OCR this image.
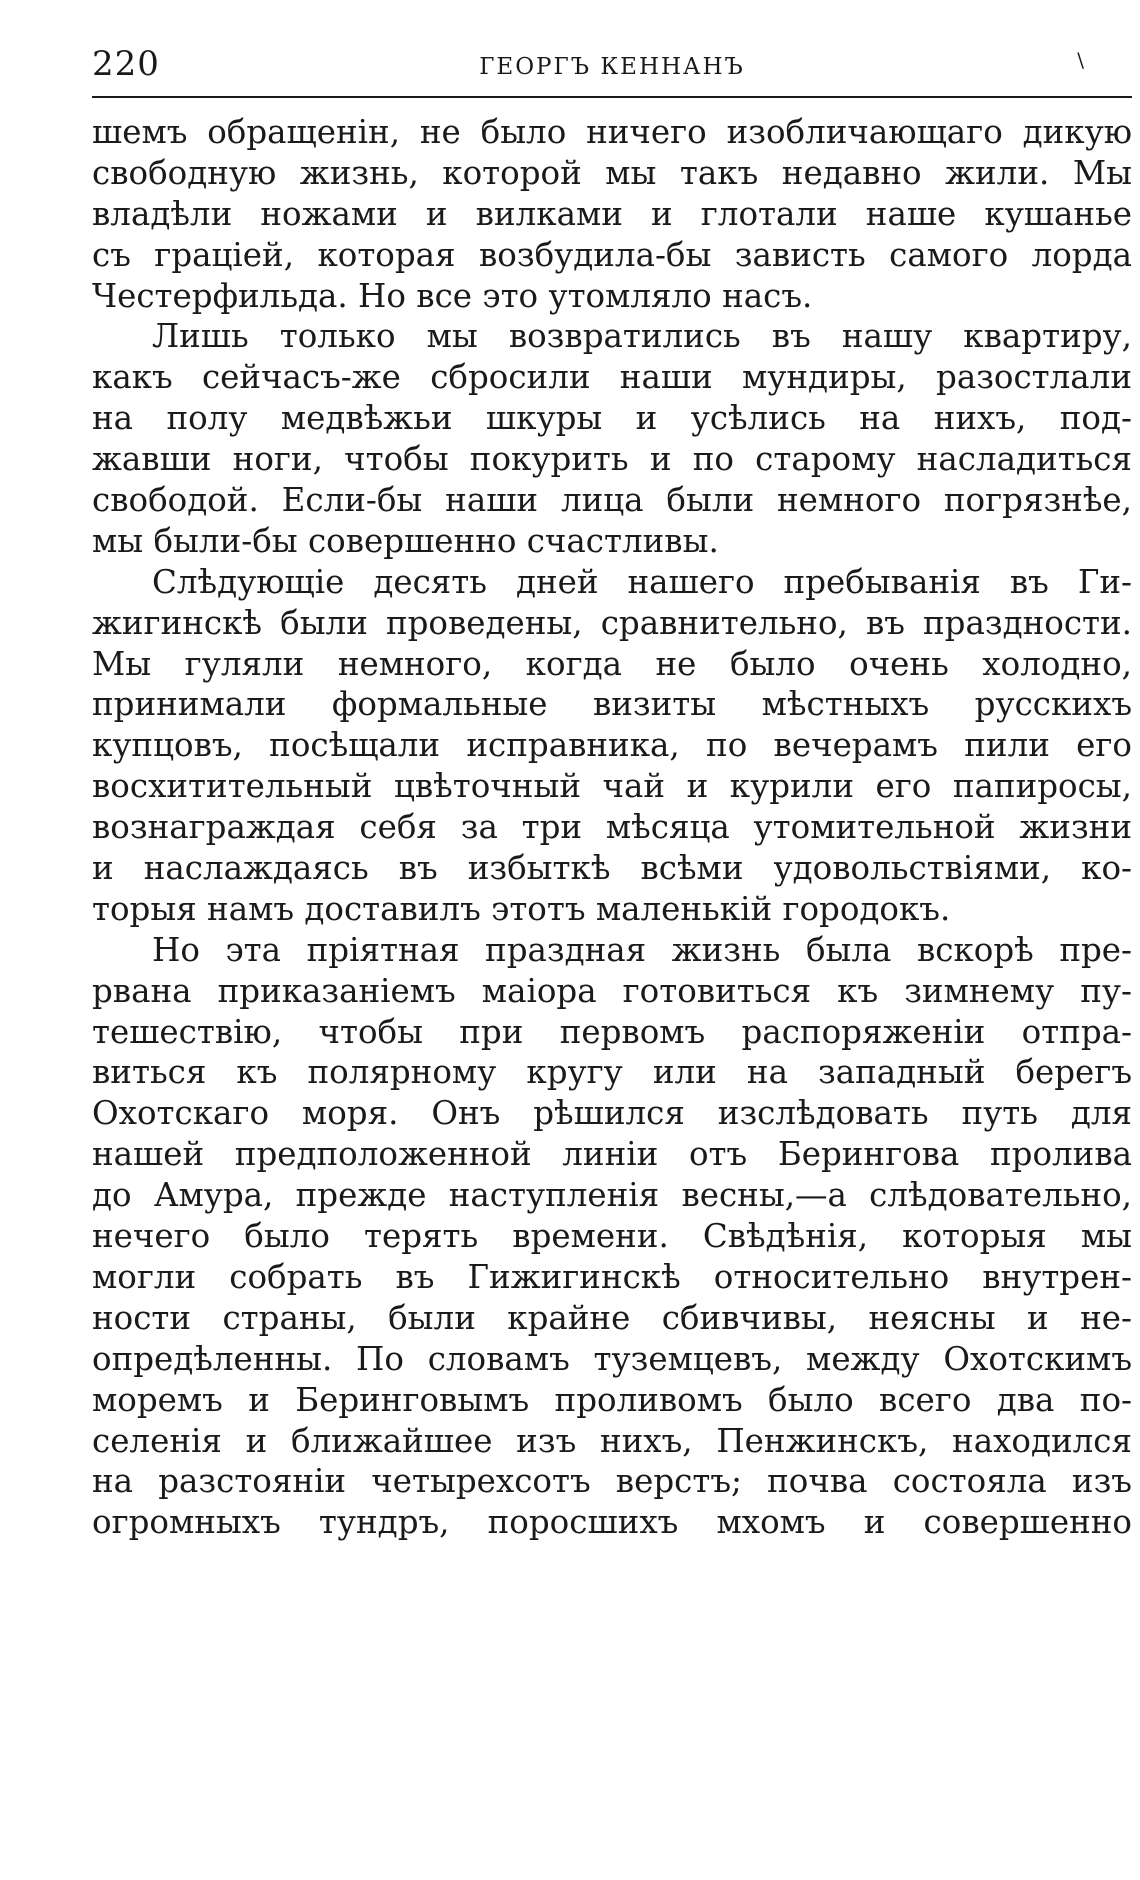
220	ГЕОРГЪ КЕННАНЪ	\
шемъ обращенін, не было ничего изобличающаго дикую
свободную жизнь, которой мы такъ недавно жили. Мы
владѣли ножами и вилками и глотали наше кушанье
съ граціей, которая возбудила-бы зависть самого лорда
Честерфильда. Но все это утомляло насъ.
Лишь только мы возвратились въ нашу квартиру,
какъ сейчасъ-же сбросили наши мундиры, разостлали
на полу медвѣжьи шкуры и усѣлись на нихъ, под-
жавши ноги, чтобы покурить и по старому насладиться
свободой. Если-бы наши лица были немного погрязнѣе,
мы были-бы совершенно счастливы.
Слѣдующіе десять дней нашего пребыванія въ Ги-
жигинскѣ были проведены, сравнительно, въ праздности.
Мы гуляли немного, когда не было очень холодно,
принимали формальные визиты мѣстныхъ русскихъ
купцовъ, посѣщали исправника, по вечерамъ пили его
восхитительный цвѣточный чай и курили его папиросы,
вознаграждая себя за три мѣсяца утомительной жизни
и наслаждаясь въ избыткѣ всѣми удовольствіями, ко-
торыя намъ доставилъ этотъ маленькій городокъ.
Но эта пріятная праздная жизнь была вскорѣ пре-
рвана приказаніемъ маіора готовиться къ зимнему пу-
тешествію, чтобы при первомъ распоряженіи отпра-
виться къ полярному кругу или на западный берегъ
Охотскаго моря. Онъ рѣшился изслѣдовать путь для
нашей предположенной линіи отъ Берингова пролива
до Амура, прежде наступленія весны,—а слѣдовательно,
нечего было терять времени. Свѣдѣнія, которыя мы
могли собрать въ Гижигинскѣ относительно внутрен-
ности страны, были крайне сбивчивы, неясны и не-
опредѣленны. По словамъ туземцевъ, между Охотскимъ
моремъ и Беринговымъ проливомъ было всего два по-
селенія и ближайшее изъ нихъ, Пенжинскъ, находился
на разстояніи четырехсотъ верстъ; почва состояла изъ
огромныхъ тундръ, поросшихъ мхомъ и совершенно
